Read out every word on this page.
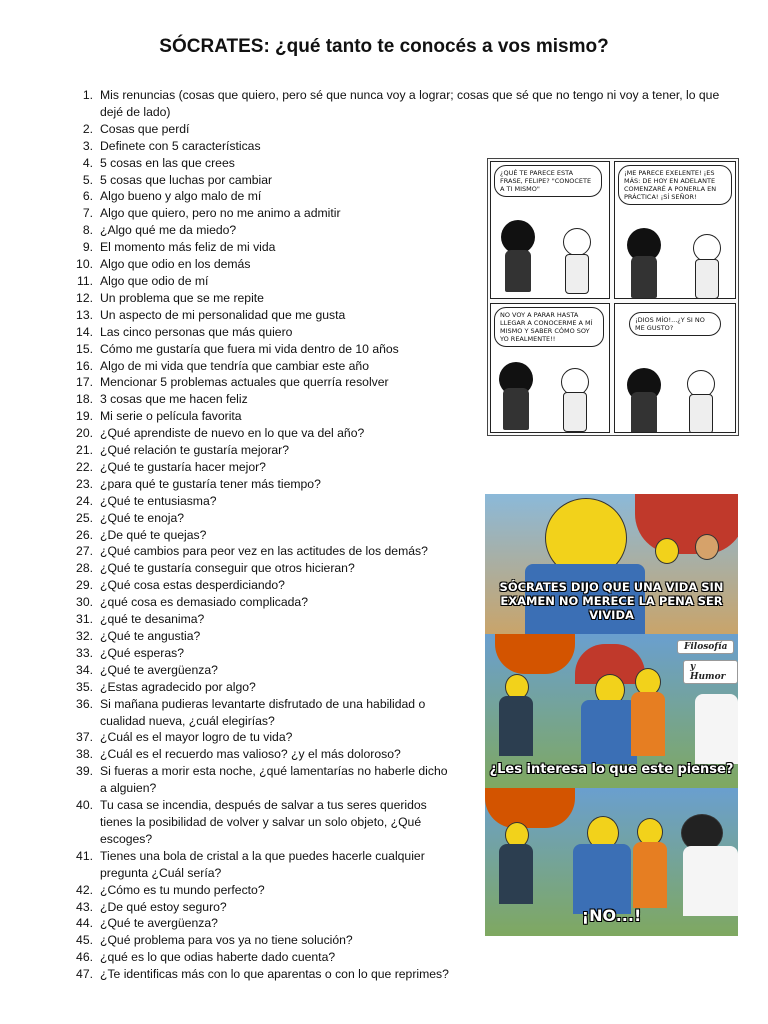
SÓCRATES: ¿qué tanto te conocés a vos mismo?
1. Mis renuncias (cosas que quiero, pero sé que nunca voy a lograr; cosas que sé que no tengo ni voy a tener, lo que dejé de lado)
2. Cosas que perdí
3. Definete con 5 características
4. 5 cosas en las que crees
5. 5 cosas que luchas por cambiar
6. Algo bueno y algo malo de mí
7. Algo que quiero, pero no me animo a admitir
8. ¿Algo qué me da miedo?
9. El momento más feliz de mi vida
10. Algo que odio en los demás
11. Algo que odio de mí
12. Un problema que se me repite
13. Un aspecto de mi personalidad que me gusta
14. Las cinco personas que más quiero
15. Cómo me gustaría que fuera mi vida dentro de 10 años
16. Algo de mi vida que tendría que cambiar este año
17. Mencionar 5 problemas actuales que querría resolver
18. 3 cosas que me hacen feliz
19. Mi serie o película favorita
20. ¿Qué aprendiste de nuevo en lo que va del año?
21. ¿Qué relación te gustaría mejorar?
22. ¿Qué te gustaría hacer mejor?
23. ¿para qué te gustaría tener más tiempo?
24. ¿Qué te entusiasma?
25. ¿Qué te enoja?
26. ¿De qué te quejas?
27. ¿Qué cambios para peor vez en las actitudes de los demás?
28. ¿Qué te gustaría conseguir que otros hicieran?
29. ¿Qué cosa estas desperdiciando?
30. ¿qué cosa es demasiado complicada?
31. ¿qué te desanima?
32. ¿Qué te angustia?
33. ¿Qué esperas?
34. ¿Qué te avergüenza?
35. ¿Estas agradecido por algo?
36. Si mañana pudieras levantarte disfrutado de una habilidad o cualidad nueva, ¿cuál elegirías?
37. ¿Cuál es el mayor logro de tu vida?
38. ¿Cuál es el recuerdo mas valioso? ¿y el más doloroso?
39. Si fueras a morir esta noche, ¿qué lamentarías no haberle dicho a alguien?
40. Tu casa se incendia, después de salvar a tus seres queridos tienes la posibilidad de volver y salvar un solo objeto, ¿Qué escoges?
41. Tienes una bola de cristal a la que puedes hacerle cualquier pregunta ¿Cuál sería?
42. ¿Cómo es tu mundo perfecto?
43. ¿De qué estoy seguro?
44. ¿Qué te avergüenza?
45. ¿Qué problema para vos ya no tiene solución?
46. ¿qué es lo que odias haberte dado cuenta?
47. ¿Te identificas más con lo que aparentas o con lo que reprimes?
¿QUÉ TE PARECE ESTA FRASE, FELIPE? "CONOCETE A TI MISMO"
¡ME PARECE EXELENTE! ¡ES MÁS: DE HOY EN ADELANTE COMENZARÉ A PONERLA EN PRÁCTICA! ¡SÍ SEÑOR!
NO VOY A PARAR HASTA LLEGAR A CONOCERME A MÍ MISMO Y SABER CÓMO SOY YO REALMENTE!!
¡DIOS MÍO!...¿Y SI NO ME GUSTO?
SÓCRATES DIJO QUE UNA VIDA SIN EXAMEN NO MERECE LA PENA SER VIVIDA
Filosofía
y Humor
¿Les interesa lo que este piense?
¡NO...!
